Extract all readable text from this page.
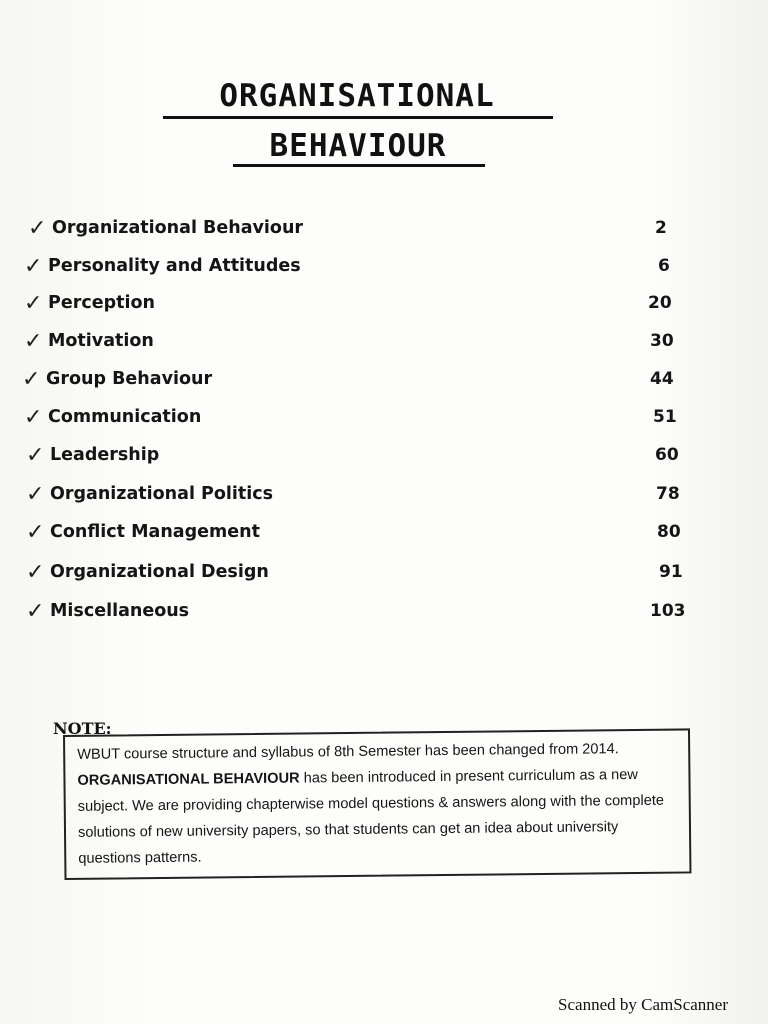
ORGANISATIONAL
BEHAVIOUR
✓ Organizational Behaviour	2
✓ Personality and Attitudes	6
✓ Perception	20
✓ Motivation	30
✓ Group Behaviour	44
✓ Communication	51
✓ Leadership	60
✓ Organizational Politics	78
✓ Conflict Management	80
✓ Organizational Design	91
✓ Miscellaneous	103
NOTE:
WBUT course structure and syllabus of 8th Semester has been changed from 2014. ORGANISATIONAL BEHAVIOUR has been introduced in present curriculum as a new subject. We are providing chapterwise model questions & answers along with the complete solutions of new university papers, so that students can get an idea about university questions patterns.
Scanned by CamScanner
